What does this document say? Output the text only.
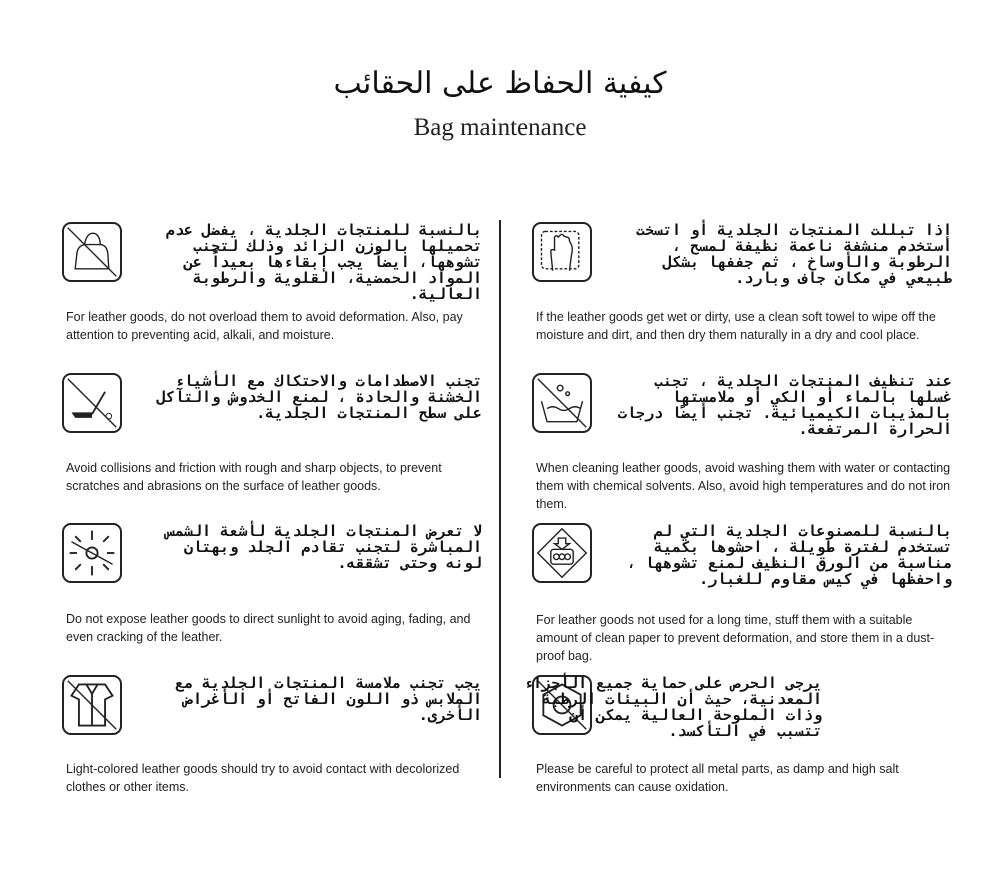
كيفية الحفاظ على الحقائب
Bag maintenance
بالنسبة للمنتجات الجلدية ، يفضل عدم تحميلها بالوزن الزائد وذلك لتجنب تشوهها، ايضاً يجب إبقاءها بعيداً عن المواد الحمضية، القلوية والرطوبة العالية.
For leather goods, do not overload them to avoid deformation. Also, pay attention to preventing acid, alkali, and moisture.
تجنب الاصطدامات والاحتكاك مع الأشياء الخشنة والحادة ، لمنع الخدوش والتآكل على سطح المنتجات الجلدية.
Avoid collisions and friction with rough and sharp objects, to prevent scratches and abrasions on the surface of leather goods.
لا تعرض المنتجات الجلدية لأشعة الشمس المباشرة لتجنب تقادم الجلد وبهتان لونه وحتى تشققه.
Do not expose leather goods to direct sunlight to avoid aging, fading, and even cracking of the leather.
يجب تجنب ملامسة المنتجات الجلدية مع الملابس ذو اللون الفاتح أو الأغراض الأخرى.
Light-colored leather goods should try to avoid contact with decolorized clothes or other items.
إذا تبللت المنتجات الجلدية أو اتسخت استخدم منشفة ناعمة نظيفة لمسح ، الرطوبة والأوساخ ، ثم جففها بشكل طبيعي في مكان جاف وبارد.
If the leather goods get wet or dirty, use a clean soft towel to wipe off the moisture and dirt, and then dry them naturally in a dry and cool place.
عند تنظيف المنتجات الجلدية ، تجنب غسلها بالماء أو الكي أو ملامستها بالمذيبات الكيميائية. تجنب أيضًا درجات الحرارة المرتفعة.
When cleaning leather goods, avoid washing them with water or contacting them with chemical solvents. Also, avoid high temperatures and do not iron them.
بالنسبة للمصنوعات الجلدية التي لم تستخدم لفترة طويلة ، احشوها بكمية مناسبة من الورق النظيف لمنع تشوهها ، واحفظها في كيس مقاوم للغبار.
For leather goods not used for a long time, stuff them with a suitable amount of clean paper to prevent deformation, and store them in a dust-proof bag.
يرجى الحرص على حماية جميع الأجزاء المعدنية، حيث أن البيئات الرطبة وذات الملوحة العالية يمكن أن تتسبب في التأكسد.
Please be careful to protect all metal parts, as damp and high salt environments can cause oxidation.
